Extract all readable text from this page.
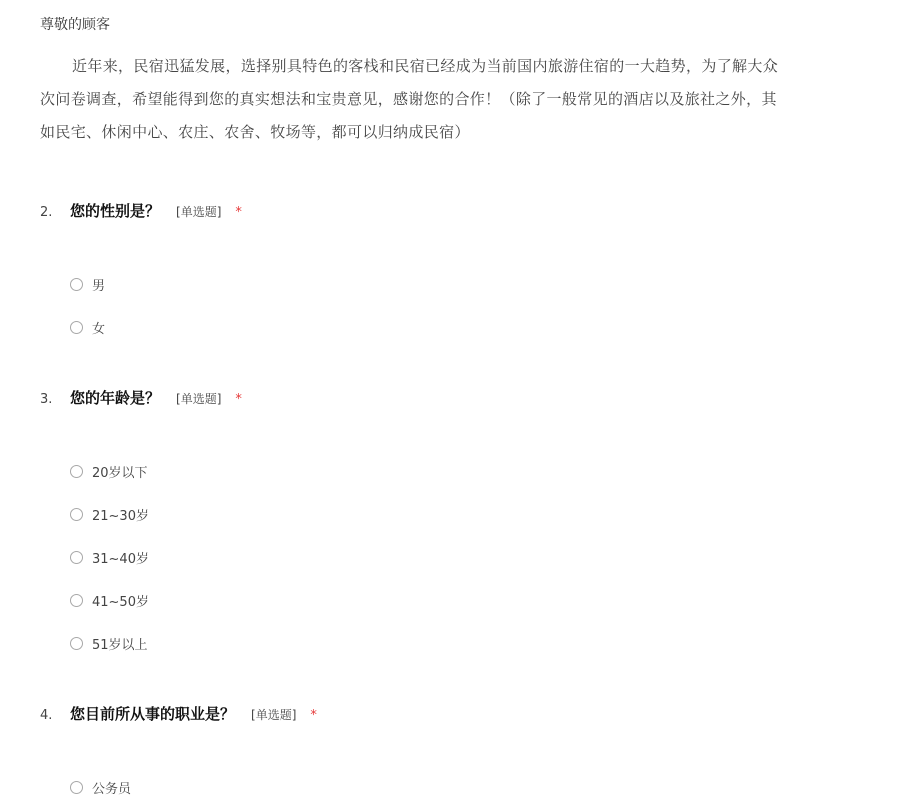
尊敬的顾客
近年来，民宿迅猛发展，选择别具特色的客栈和民宿已经成为当前国内旅游住宿的一大趋势，为了解大众
次问卷调查，希望能得到您的真实想法和宝贵意见，感谢您的合作！（除了一般常见的酒店以及旅社之外，其
如民宅、休闲中心、农庄、农舍、牧场等，都可以归纳成民宿）
2.	您的性别是？ [单选题] *
男
女
3.	您的年龄是？ [单选题] *
20岁以下
21~30岁
31~40岁
41~50岁
51岁以上
4.	您目前所从事的职业是？ [单选题] *
公务员
